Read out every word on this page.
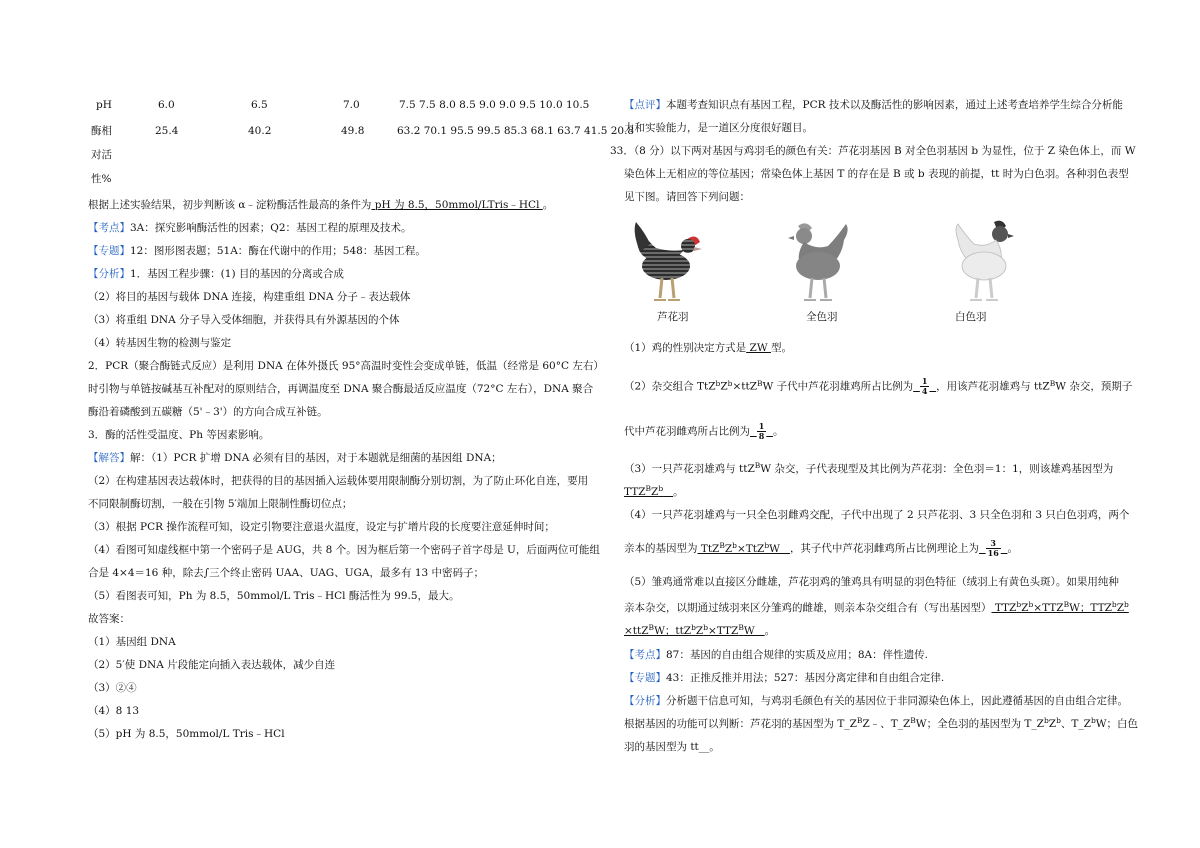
pH	6.0	6.5	7.0	7.5 7.5 8.0 8.5 9.0 9.0 9.5 10.0 10.5
酶相	25.4	40.2	49.8	63.2 70.1 95.5 99.5 85.3 68.1 63.7 41.5 20.8
对活
性%
根据上述实验结果，初步判断该 α﹣淀粉酶活性最高的条件为 pH 为 8.5，50mmol/LTris﹣HCl 。
【考点】3A：探究影响酶活性的因素；Q2：基因工程的原理及技术。
【专题】12：图形图表题；51A：酶在代谢中的作用；548：基因工程。
【分析】1．基因工程步骤：(1) 目的基因的分离或合成
（2）将目的基因与载体 DNA 连接，构建重组 DNA 分子﹣表达载体
（3）将重组 DNA 分子导入受体细胞，并获得具有外源基因的个体
（4）转基因生物的检测与鉴定
2．PCR（聚合酶链式反应）是利用 DNA 在体外摄氏 95°高温时变性会变成单链，低温（经常是 60°C 左右）
时引物与单链按碱基互补配对的原则结合，再调温度至 DNA 聚合酶最适反应温度（72°C 左右），DNA 聚合
酶沿着磷酸到五碳糖（5'﹣3'）的方向合成互补链。
3．酶的活性受温度、Ph 等因素影响。
【解答】解：（1）PCR 扩增 DNA 必须有目的基因，对于本题就是细菌的基因组 DNA；
（2）在构建基因表达载体时，把获得的目的基因插入运载体要用限制酶分别切割，为了防止环化自连，要用
不同限制酶切割，一般在引物 5′端加上限制性酶切位点；
（3）根据 PCR 操作流程可知，设定引物要注意退火温度，设定与扩增片段的长度要注意延伸时间；
（4）看图可知虚线框中第一个密码子是 AUG，共 8 个。因为框后第一个密码子首字母是 U，后面两位可能组
合是 4×4＝16 种，除去∫三个终止密码 UAA、UAG、UGA，最多有 13 中密码子；
（5）看图表可知，Ph 为 8.5，50mmol/L Tris﹣HCl 酶活性为 99.5，最大。
故答案：
（1）基因组 DNA
（2）5′使 DNA 片段能定向插入表达载体，减少自连
（3）②④
（4）8 13
（5）pH 为 8.5，50mmol/L Tris﹣HCl
【点评】本题考查知识点有基因工程，PCR 技术以及酶活性的影响因素，通过上述考查培养学生综合分析能
力和实验能力，是一道区分度很好题目。
33．（8 分）以下两对基因与鸡羽毛的颜色有关：芦花羽基因 B 对全色羽基因 b 为显性，位于 Z 染色体上，而 W
染色体上无相应的等位基因；常染色体上基因 T 的存在是 B 或 b 表现的前提，tt 时为白色羽。各种羽色表型
见下图。请回答下列问题：
芦花羽	全色羽	白色羽
（1）鸡的性别决定方式是 ZW 型。
（2）杂交组合 $TtZ^bZ^b\times ttZ^BW$ 子代中芦花羽雄鸡所占比例为 $\frac{1}{4}$ ，用该芦花羽雄鸡与 ttZ$^B$W 杂交，预期子
代中芦花羽雌鸡所占比例为 $\frac{1}{8}$ 。
（3）一只芦花羽雄鸡与 ttZ$^B$W 杂交，子代表现型及其比例为芦花羽：全色羽＝1：1，则该雄鸡基因型为
$TTZ^BZ^b$ 。
（4）一只芦花羽雄鸡与一只全色羽雌鸡交配，子代中出现了 2 只芦花羽、3 只全色羽和 3 只白色羽鸡，两个
亲本的基因型为 $TtZ^BZ^b\times TtZ^bW$   ，其子代中芦花羽雌鸡所占比例理论上为 $\frac{3}{16}$ 。
（5）雏鸡通常难以直接区分雌雄，芦花羽鸡的雏鸡具有明显的羽色特征（绒羽上有黄色头斑）。如果用纯种
亲本杂交，以期通过绒羽来区分雏鸡的雌雄，则亲本杂交组合有（写出基因型） $TTZ^bZ^b\times TTZ^BW$；$TTZ^bZ^b$
×ttZ$^B$W；$ttZ^bZ^b\times TTZ^BW$   。
【考点】87：基因的自由组合规律的实质及应用；8A：伴性遗传.
【专题】43：正推反推并用法；527：基因分离定律和自由组合定律.
【分析】分析题干信息可知，与鸡羽毛颜色有关的基因位于非同源染色体上，因此遵循基因的自由组合定律。
根据基因的功能可以判断：芦花羽的基因型为 $T\_Z^BZ﹣$、$T\_Z^BW$；全色羽的基因型为 $T\_Z^bZ^b$、$T\_Z^bW$；白色
羽的基因型为 tt__。
